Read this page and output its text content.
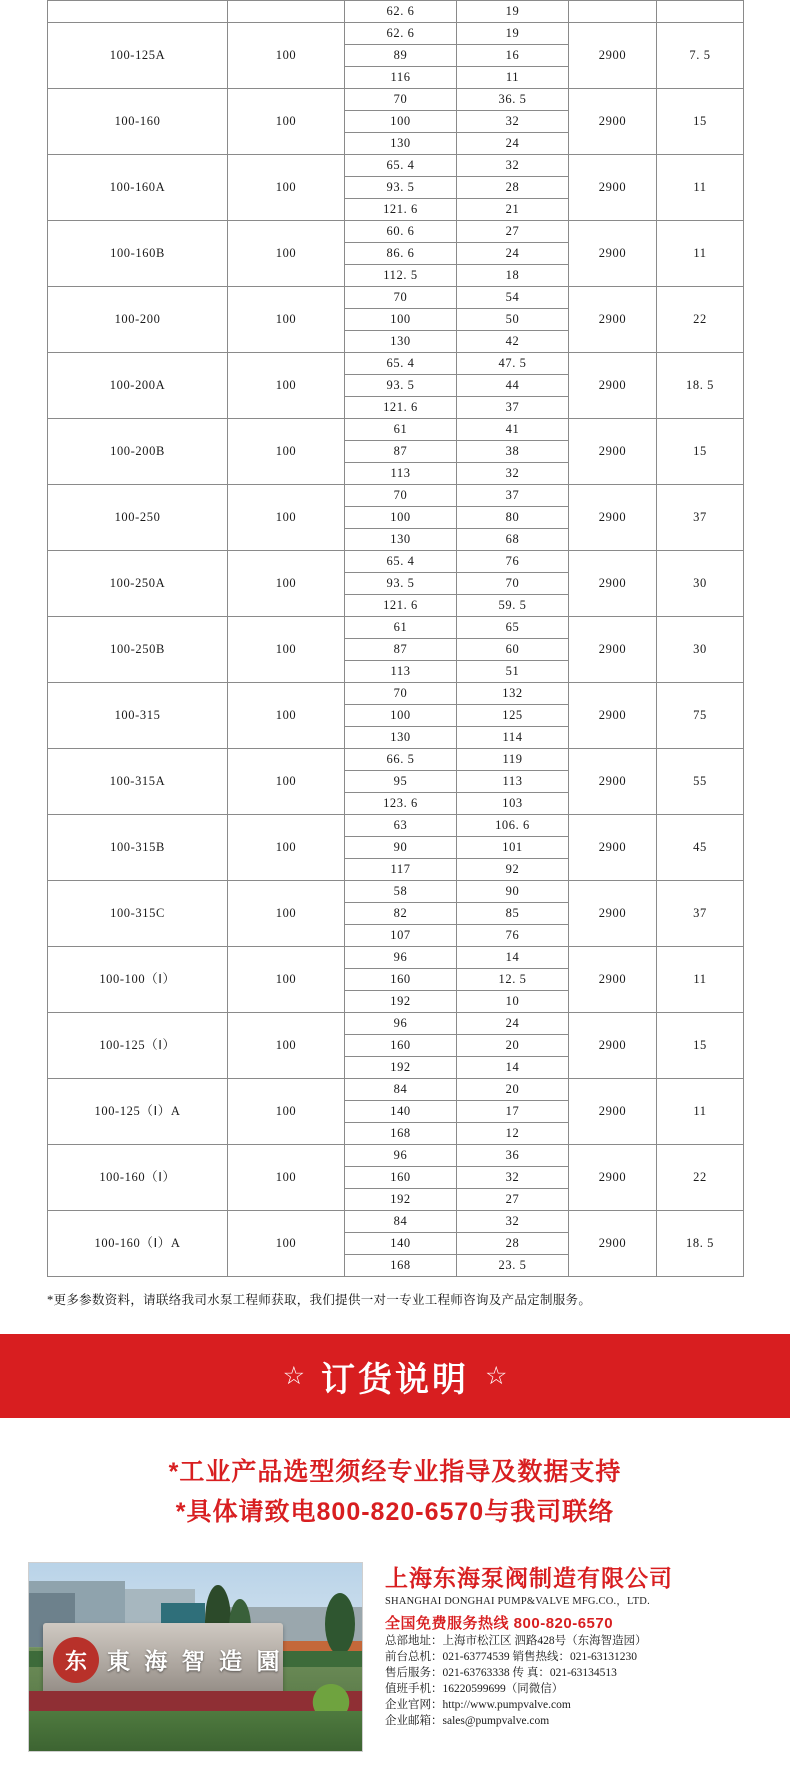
		62. 6	19		
100-125A	100	62. 6	19	2900	7. 5
		89	16		
		116	11		
100-160	100	70	36. 5	2900	15
		100	32		
		130	24		
100-160A	100	65. 4	32	2900	11
		93. 5	28		
		121. 6	21		
100-160B	100	60. 6	27	2900	11
		86. 6	24		
		112. 5	18		
100-200	100	70	54	2900	22
		100	50		
		130	42		
100-200A	100	65. 4	47. 5	2900	18. 5
		93. 5	44		
		121. 6	37		
100-200B	100	61	41	2900	15
		87	38		
		113	32		
100-250	100	70	37	2900	37
		100	80		
		130	68		
100-250A	100	65. 4	76	2900	30
		93. 5	70		
		121. 6	59. 5		
100-250B	100	61	65	2900	30
		87	60		
		113	51		
100-315	100	70	132	2900	75
		100	125		
		130	114		
100-315A	100	66. 5	119	2900	55
		95	113		
		123. 6	103		
100-315B	100	63	106. 6	2900	45
		90	101		
		117	92		
100-315C	100	58	90	2900	37
		82	85		
		107	76		
100-100（Ⅰ）	100	96	14	2900	11
		160	12. 5		
		192	10		
100-125（Ⅰ）	100	96	24	2900	15
		160	20		
		192	14		
100-125（Ⅰ）A	100	84	20	2900	11
		140	17		
		168	12		
100-160（Ⅰ）	100	96	36	2900	22
		160	32		
		192	27		
100-160（Ⅰ）A	100	84	32	2900	18. 5
		140	28		
		168	23. 5		
*更多参数资料，请联络我司水泵工程师获取，我们提供一对一专业工程师咨询及产品定制服务。
☆ 订货说明 ☆
*工业产品选型须经专业指导及数据支持
*具体请致电800-820-6570与我司联络
东 東 海 智 造 園
上海东海泵阀制造有限公司
SHANGHAI DONGHAI PUMP&VALVE MFG.CO.，LTD.
全国免费服务热线 800-820-6570
总部地址：上海市松江区 泗路428号（东海智造园）
前台总机：021-63774539 销售热线：021-63131230
售后服务：021-63763338 传 真：021-63134513
值班手机：16220599699（同微信）
企业官网：http://www.pumpvalve.com
企业邮箱：sales@pumpvalve.com
